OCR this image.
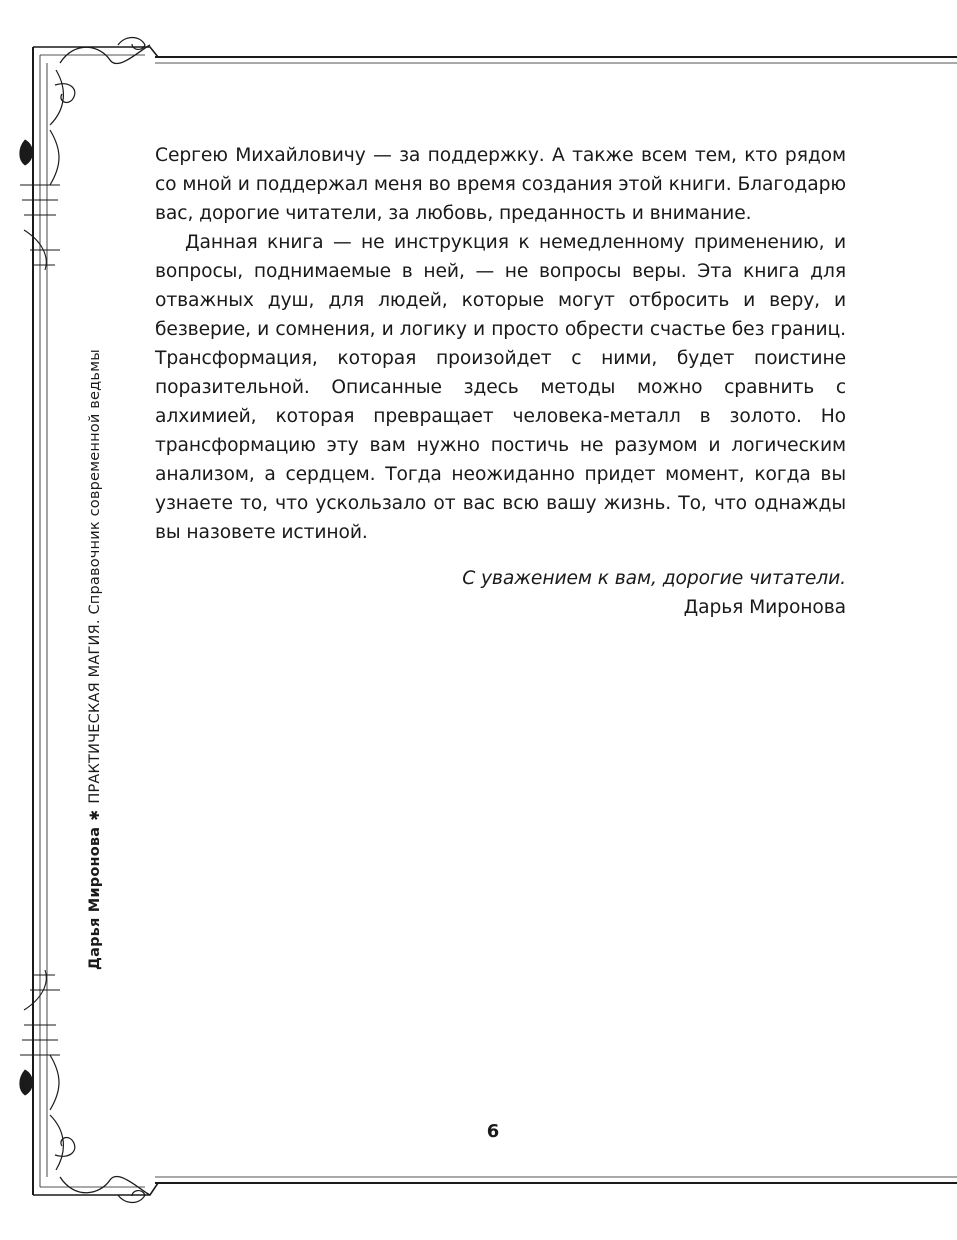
Сергею Михайловичу — за поддержку. А также всем тем, кто рядом со мной и поддержал меня во время создания этой книги. Благодарю вас, дорогие читатели, за любовь, преданность и внимание.

Данная книга — не инструкция к немедленному применению, и вопросы, поднимаемые в ней, — не вопросы веры. Эта книга для отважных душ, для людей, которые могут отбросить и веру, и безверие, и сомнения, и логику и просто обрести счастье без границ. Трансформация, которая произойдет с ними, будет поистине поразительной. Описанные здесь методы можно сравнить с алхимией, которая превращает человека-металл в золото. Но трансформацию эту вам нужно постичь не разумом и логическим анализом, а сердцем. Тогда неожиданно придет момент, когда вы узнаете то, что ускользало от вас всю вашу жизнь. То, что однажды вы назовете истиной.

С уважением к вам, дорогие читатели.
Дарья Миронова
Дарья Миронова✱ПРАКТИЧЕСКАЯ МАГИЯ. Справочник современной ведьмы
6
